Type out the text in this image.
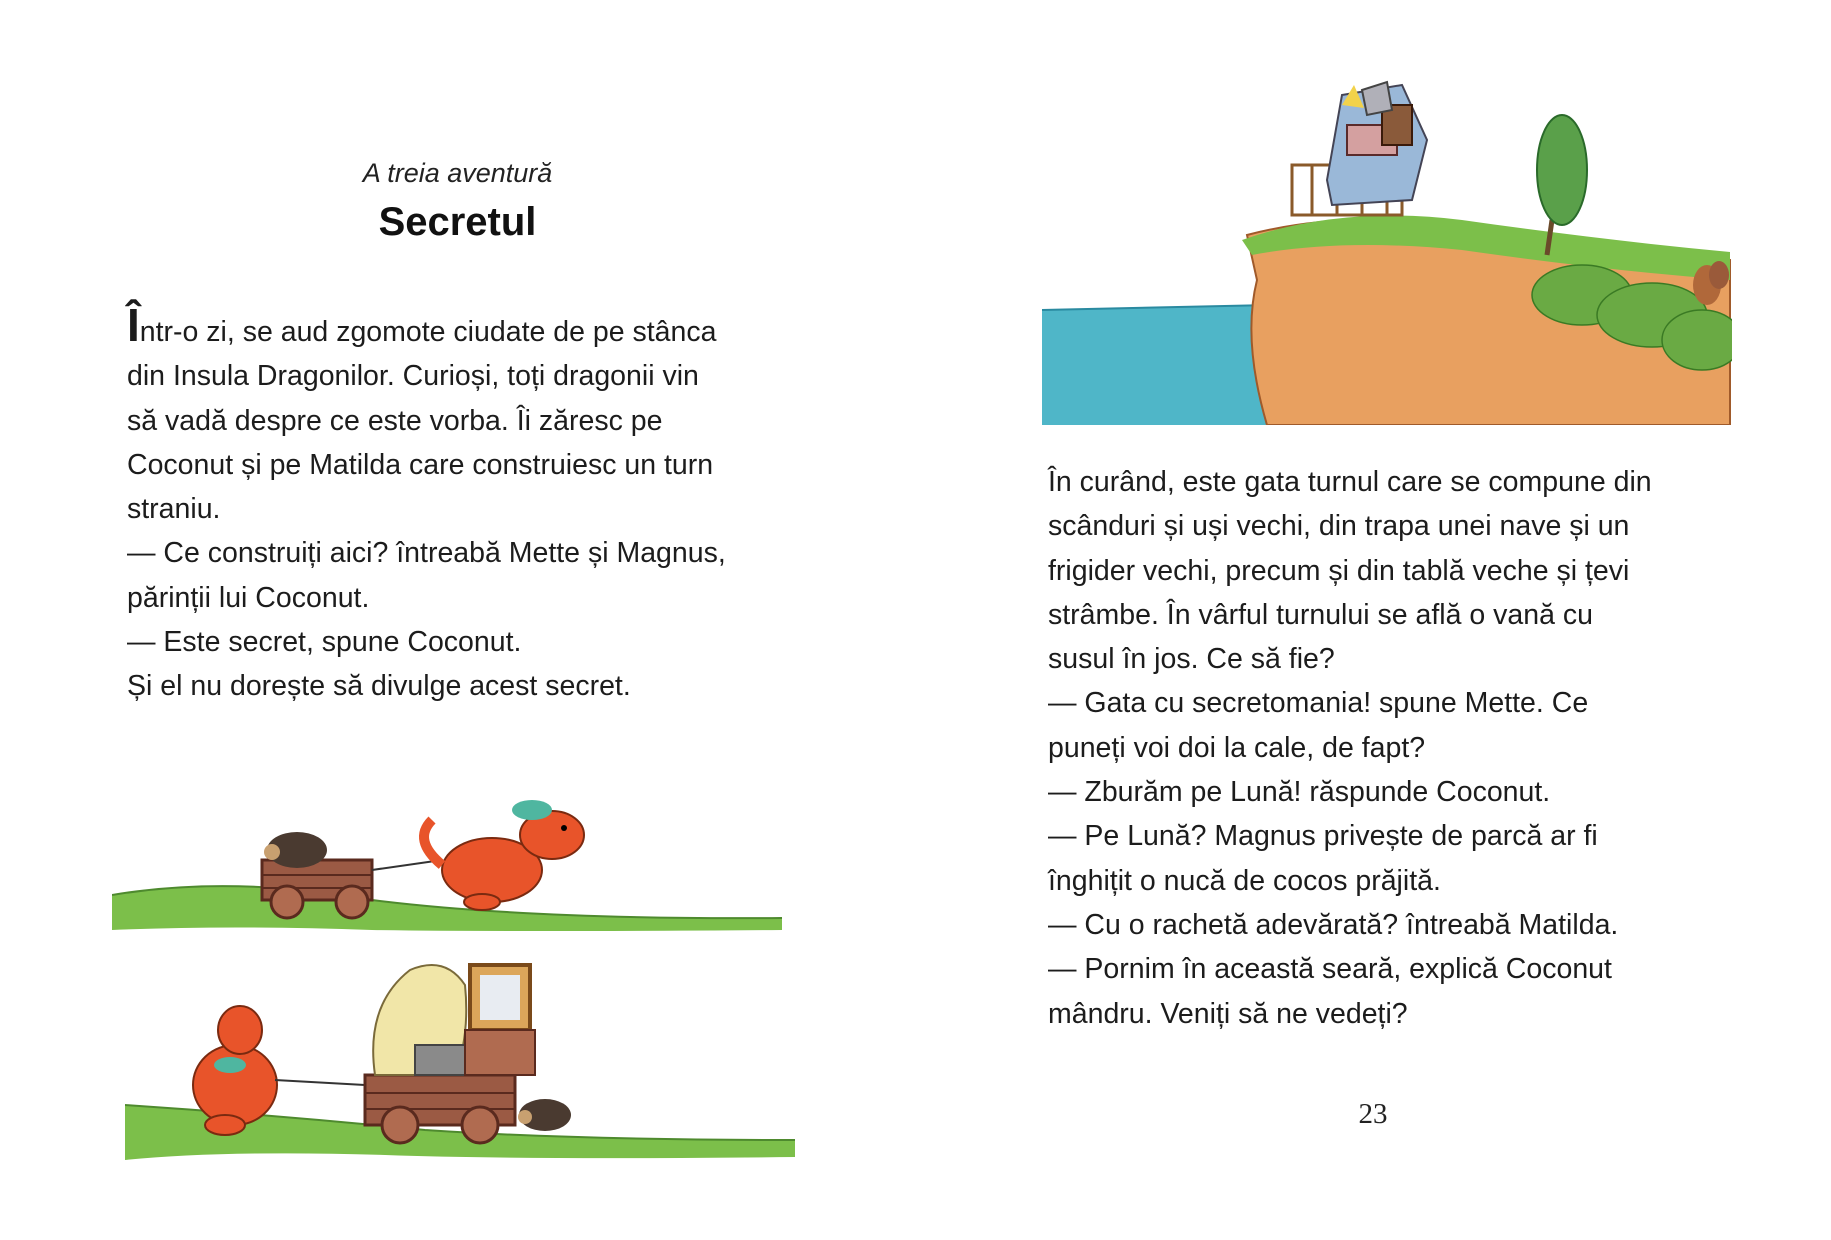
A treia aventură
Secretul

Într-o zi, se aud zgomote ciudate de pe stânca

din Insula Dragonilor. Curioși, toți dragonii vin

să vadă despre ce este vorba. Îi zăresc pe

Coconut și pe Matilda care construiesc un turn

straniu.

— Ce construiți aici? întreabă Mette și Magnus,

părinții lui Coconut.

— Este secret, spune Coconut.

Și el nu dorește să divulge acest secret.

În curând, este gata turnul care se compune din

scânduri și uși vechi, din trapa unei nave și un

frigider vechi, precum și din tablă veche și țevi

strâmbe. În vârful turnului se află o vană cu

susul în jos. Ce să fie?

— Gata cu secretomania! spune Mette. Ce

puneți voi doi la cale, de fapt?

— Zburăm pe Lună! răspunde Coconut.

— Pe Lună? Magnus privește de parcă ar fi

înghițit o nucă de cocos prăjită.

— Cu o rachetă adevărată? întreabă Matilda.

— Pornim în această seară, explică Coconut

mândru. Veniți să ne vedeți?

23
